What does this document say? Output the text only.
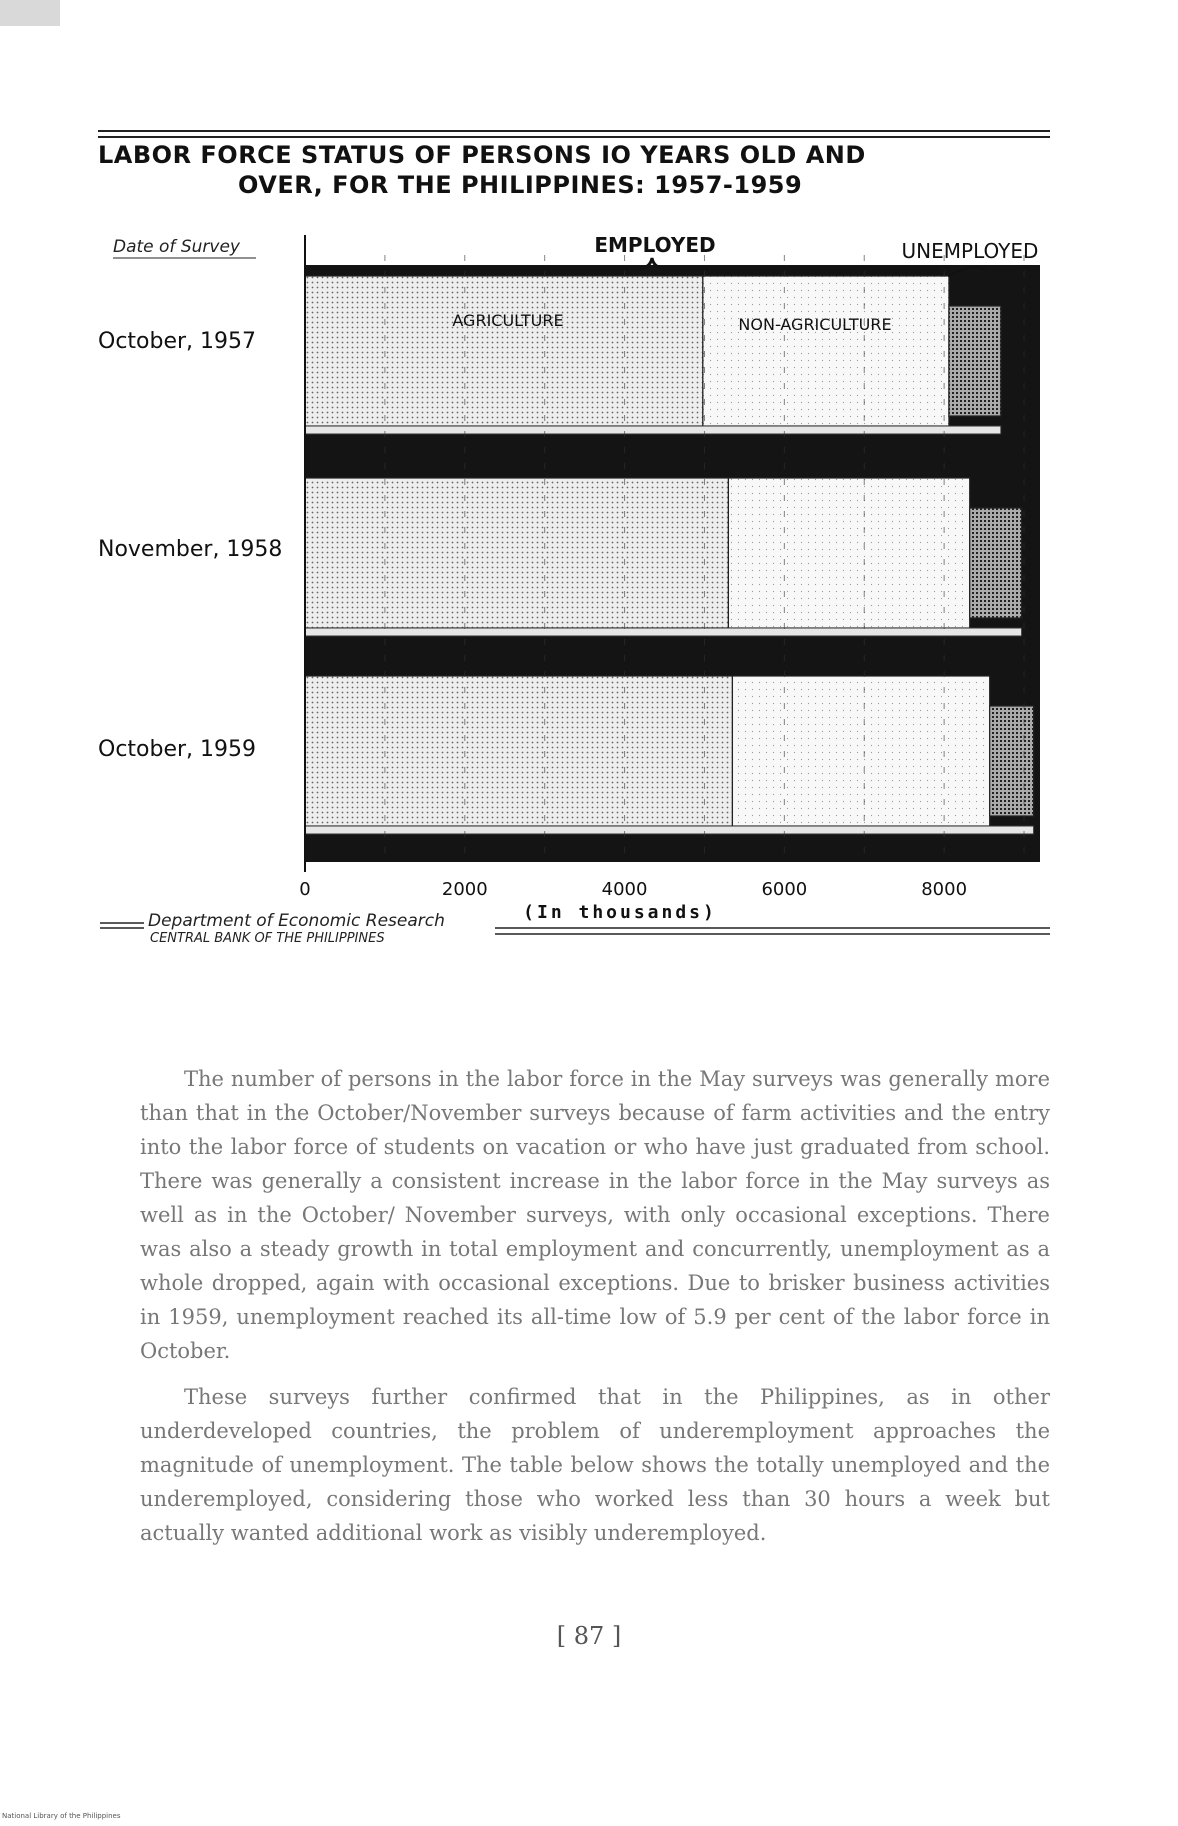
LABOR FORCE STATUS OF PERSONS IO YEARS OLD AND
OVER, FOR THE PHILIPPINES: 1957-1959
0	2000	4000	6000	8000
(In thousands)
October, 1957
November, 1958
October, 1959
Date of Survey
AGRICULTURE	NON-AGRICULTURE
EMPLOYED	UNEMPLOYED
Department of Economic Research
CENTRAL BANK OF THE PHILIPPINES

The number of persons in the labor force in the May surveys was generally more than that in the October/November surveys because of farm activities and the entry into the labor force of students on vacation or who have just graduated from school. There was generally a consistent increase in the labor force in the May surveys as well as in the October/ November surveys, with only occasional exceptions. There was also a steady growth in total employment and concurrently, unemployment as a whole dropped, again with occasional exceptions. Due to brisker business activities in 1959, unemployment reached its all-time low of 5.9 per cent of the labor force in October.

These surveys further confirmed that in the Philippines, as in other underdeveloped countries, the problem of underemployment approaches the magnitude of unemployment. The table below shows the totally unemployed and the underemployed, considering those who worked less than 30 hours a week but actually wanted additional work as visibly underemployed.

[ 87 ]
National Library of the Philippines
